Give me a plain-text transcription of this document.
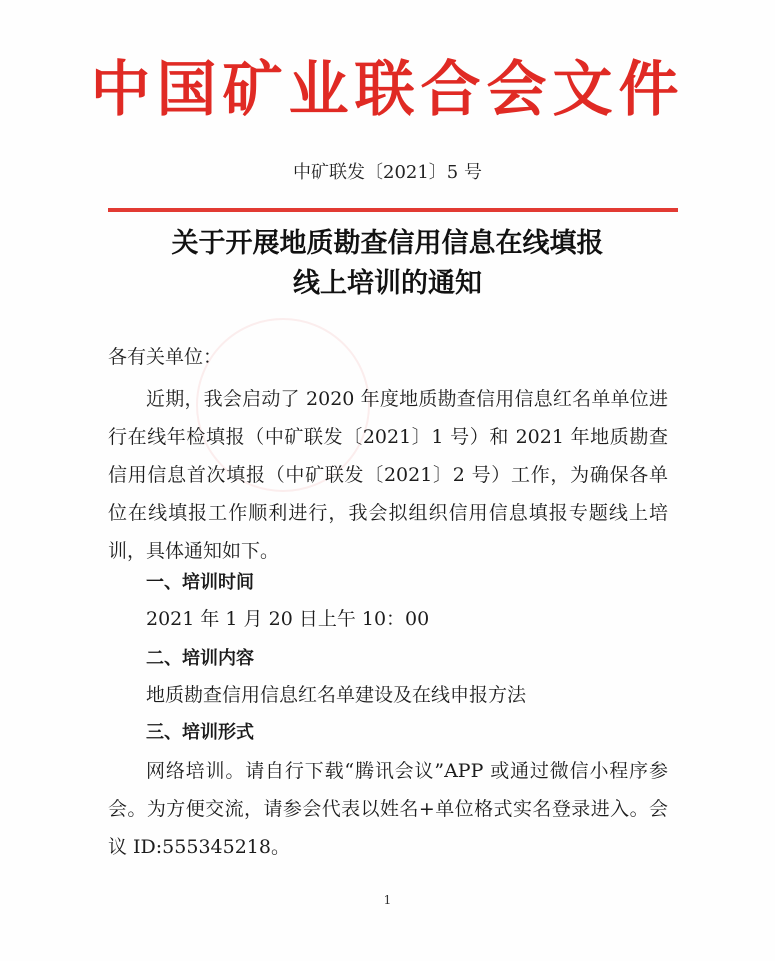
中国矿业联合会文件
中矿联发〔2021〕5 号
关于开展地质勘查信用信息在线填报
线上培训的通知
各有关单位：

近期，我会启动了 2020 年度地质勘查信用信息红名单单位进行在线年检填报（中矿联发〔2021〕1 号）和 2021 年地质勘查信用信息首次填报（中矿联发〔2021〕2 号）工作，为确保各单位在线填报工作顺利进行，我会拟组织信用信息填报专题线上培训，具体通知如下。

一、培训时间
2021 年 1 月 20 日上午 10：00
二、培训内容
地质勘查信用信息红名单建设及在线申报方法
三、培训形式

网络培训。请自行下载“腾讯会议”APP 或通过微信小程序参会。为方便交流，请参会代表以姓名+单位格式实名登录进入。会议 ID:555345218。

1
